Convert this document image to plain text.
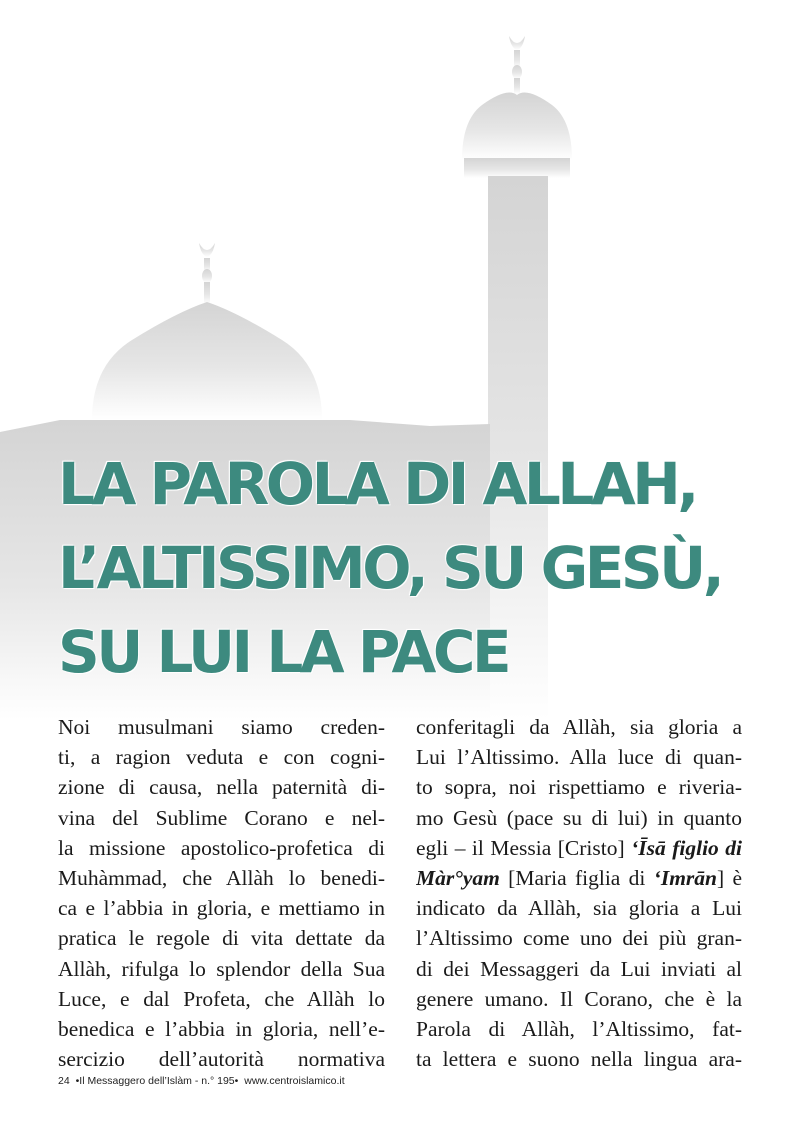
LA PAROLA DI ALLAH,
L’ALTISSIMO, SU GESÙ,
SU LUI LA PACE
Noi musulmani siamo creden-
ti, a ragion veduta e con cogni-
zione di causa, nella paternità di-
vina del Sublime Corano e nel-
la missione apostolico-profetica di
Muhàmmad, che Allàh lo benedi-
ca e l’abbia in gloria, e mettiamo in
pratica le regole di vita dettate da
Allàh, rifulga lo splendor della Sua
Luce, e dal Profeta, che Allàh lo
benedica e l’abbia in gloria, nell’e-
sercizio dell’autorità normativa
conferitagli da Allàh, sia gloria a
Lui l’Altissimo. Alla luce di quan-
to sopra, noi rispettiamo e riveria-
mo Gesù (pace su di lui) in quanto
egli – il Messia [Cristo] ‘Īsā figlio di
Màr°yam [Maria figlia di ‘Imrān] è
indicato da Allàh, sia gloria a Lui
l’Altissimo come uno dei più gran-
di dei Messaggeri da Lui inviati al
genere umano. Il Corano, che è la
Parola di Allàh, l’Altissimo, fat-
ta lettera e suono nella lingua ara-
24 •Il Messaggero dell’Islàm - n.° 195• www.centroislamico.it
